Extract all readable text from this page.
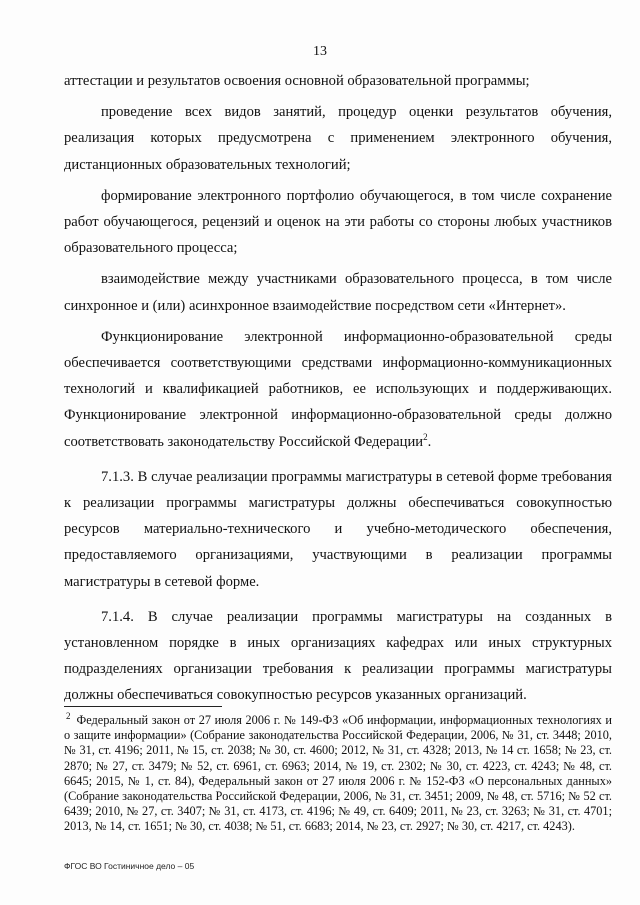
13

аттестации и результатов освоения основной образовательной программы;

проведение всех видов занятий, процедур оценки результатов обучения, реализация которых предусмотрена с применением электронного обучения, дистанционных образовательных технологий;

формирование электронного портфолио обучающегося, в том числе сохранение работ обучающегося, рецензий и оценок на эти работы со стороны любых участников образовательного процесса;

взаимодействие между участниками образовательного процесса, в том числе синхронное и (или) асинхронное взаимодействие посредством сети «Интернет».

Функционирование электронной информационно-образовательной среды обеспечивается соответствующими средствами информационно-коммуникационных технологий и квалификацией работников, ее использующих и поддерживающих. Функционирование электронной информационно-образовательной среды должно соответствовать законодательству Российской Федерации$^2$.

7.1.3. В случае реализации программы магистратуры в сетевой форме требования к реализации программы магистратуры должны обеспечиваться совокупностью ресурсов материально-технического и учебно-методического обеспечения, предоставляемого организациями, участвующими в реализации программы магистратуры в сетевой форме.

7.1.4. В случае реализации программы магистратуры на созданных в установленном порядке в иных организациях кафедрах или иных структурных подразделениях организации требования к реализации программы магистратуры должны обеспечиваться совокупностью ресурсов указанных организаций.

$^2$ Федеральный закон от 27 июля 2006 г. № 149-ФЗ «Об информации, информационных технологиях и о защите информации» (Собрание законодательства Российской Федерации, 2006, № 31, ст. 3448; 2010, № 31, ст. 4196; 2011, № 15, ст. 2038; № 30, ст. 4600; 2012, № 31, ст. 4328; 2013, № 14 ст. 1658; № 23, ст. 2870; № 27, ст. 3479; № 52, ст. 6961, ст. 6963; 2014, № 19, ст. 2302; № 30, ст. 4223, ст. 4243; № 48, ст. 6645; 2015, № 1, ст. 84), Федеральный закон от 27 июля 2006 г. № 152-ФЗ «О персональных данных» (Собрание законодательства Российской Федерации, 2006, № 31, ст. 3451; 2009, № 48, ст. 5716; № 52 ст. 6439; 2010, № 27, ст. 3407; № 31, ст. 4173, ст. 4196; № 49, ст. 6409; 2011, № 23, ст. 3263; № 31, ст. 4701; 2013, № 14, ст. 1651; № 30, ст. 4038; № 51, ст. 6683; 2014, № 23, ст. 2927; № 30, ст. 4217, ст. 4243).
ФГОС ВО Гостиничное дело – 05
